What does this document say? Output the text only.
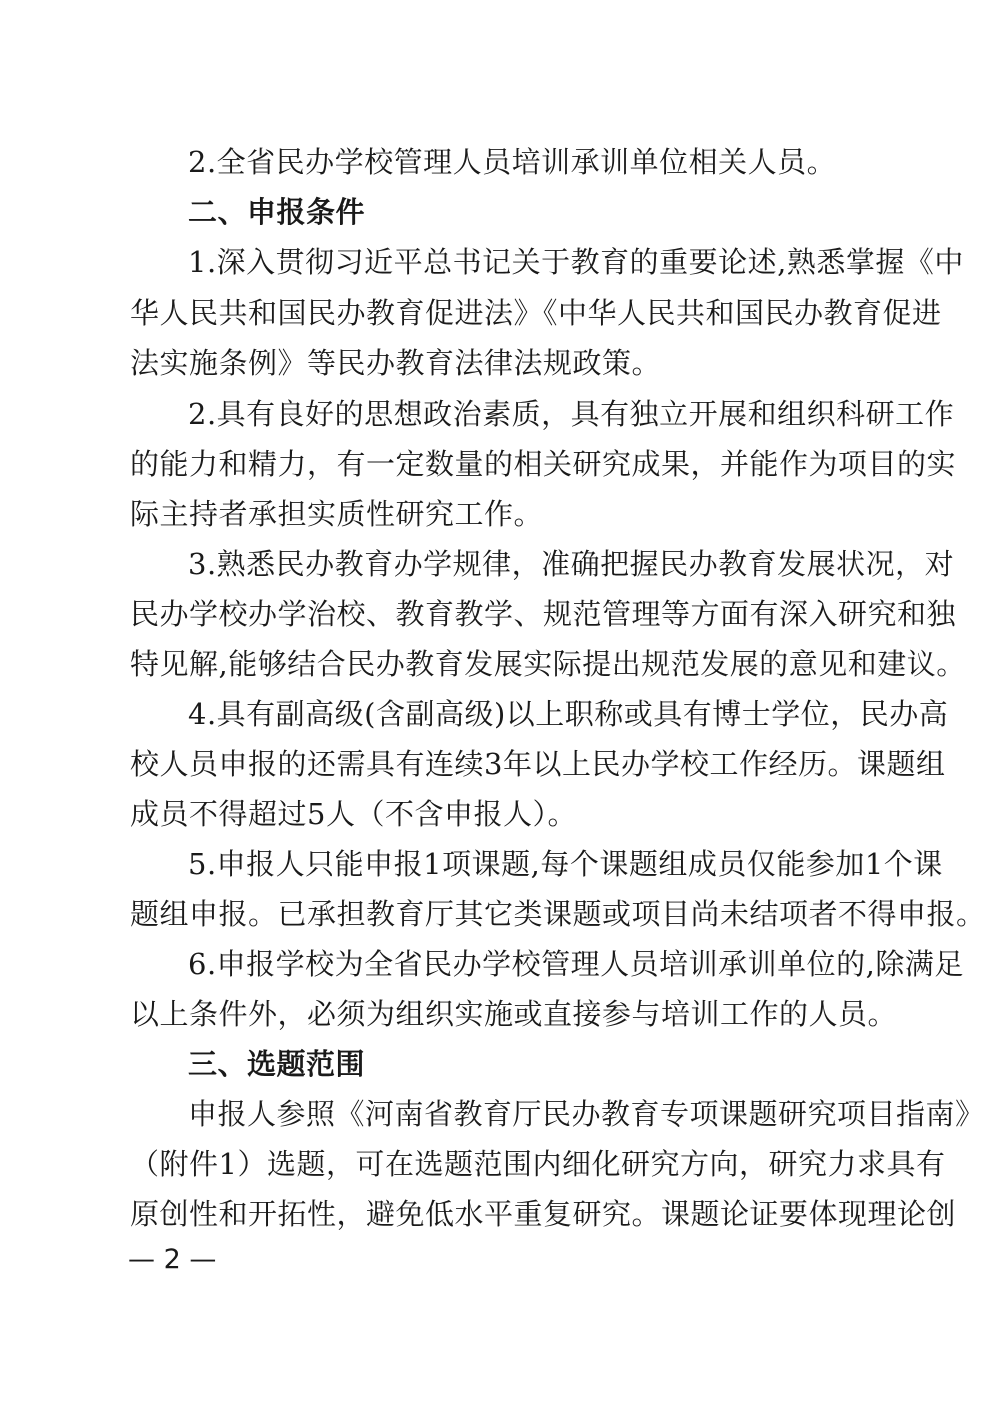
2.全省民办学校管理人员培训承训单位相关人员。
二、申报条件
1.深入贯彻习近平总书记关于教育的重要论述,熟悉掌握《中
华人民共和国民办教育促进法》《中华人民共和国民办教育促进
法实施条例》等民办教育法律法规政策。
2.具有良好的思想政治素质，具有独立开展和组织科研工作
的能力和精力，有一定数量的相关研究成果，并能作为项目的实
际主持者承担实质性研究工作。
3.熟悉民办教育办学规律，准确把握民办教育发展状况，对
民办学校办学治校、教育教学、规范管理等方面有深入研究和独
特见解,能够结合民办教育发展实际提出规范发展的意见和建议。
4.具有副高级(含副高级)以上职称或具有博士学位，民办高
校人员申报的还需具有连续3年以上民办学校工作经历。课题组
成员不得超过5人（不含申报人）。
5.申报人只能申报1项课题,每个课题组成员仅能参加1个课
题组申报。已承担教育厅其它类课题或项目尚未结项者不得申报。
6.申报学校为全省民办学校管理人员培训承训单位的,除满足
以上条件外，必须为组织实施或直接参与培训工作的人员。
三、选题范围
申报人参照《河南省教育厅民办教育专项课题研究项目指南》
（附件1）选题，可在选题范围内细化研究方向，研究力求具有
原创性和开拓性，避免低水平重复研究。课题论证要体现理论创
— 2 —
